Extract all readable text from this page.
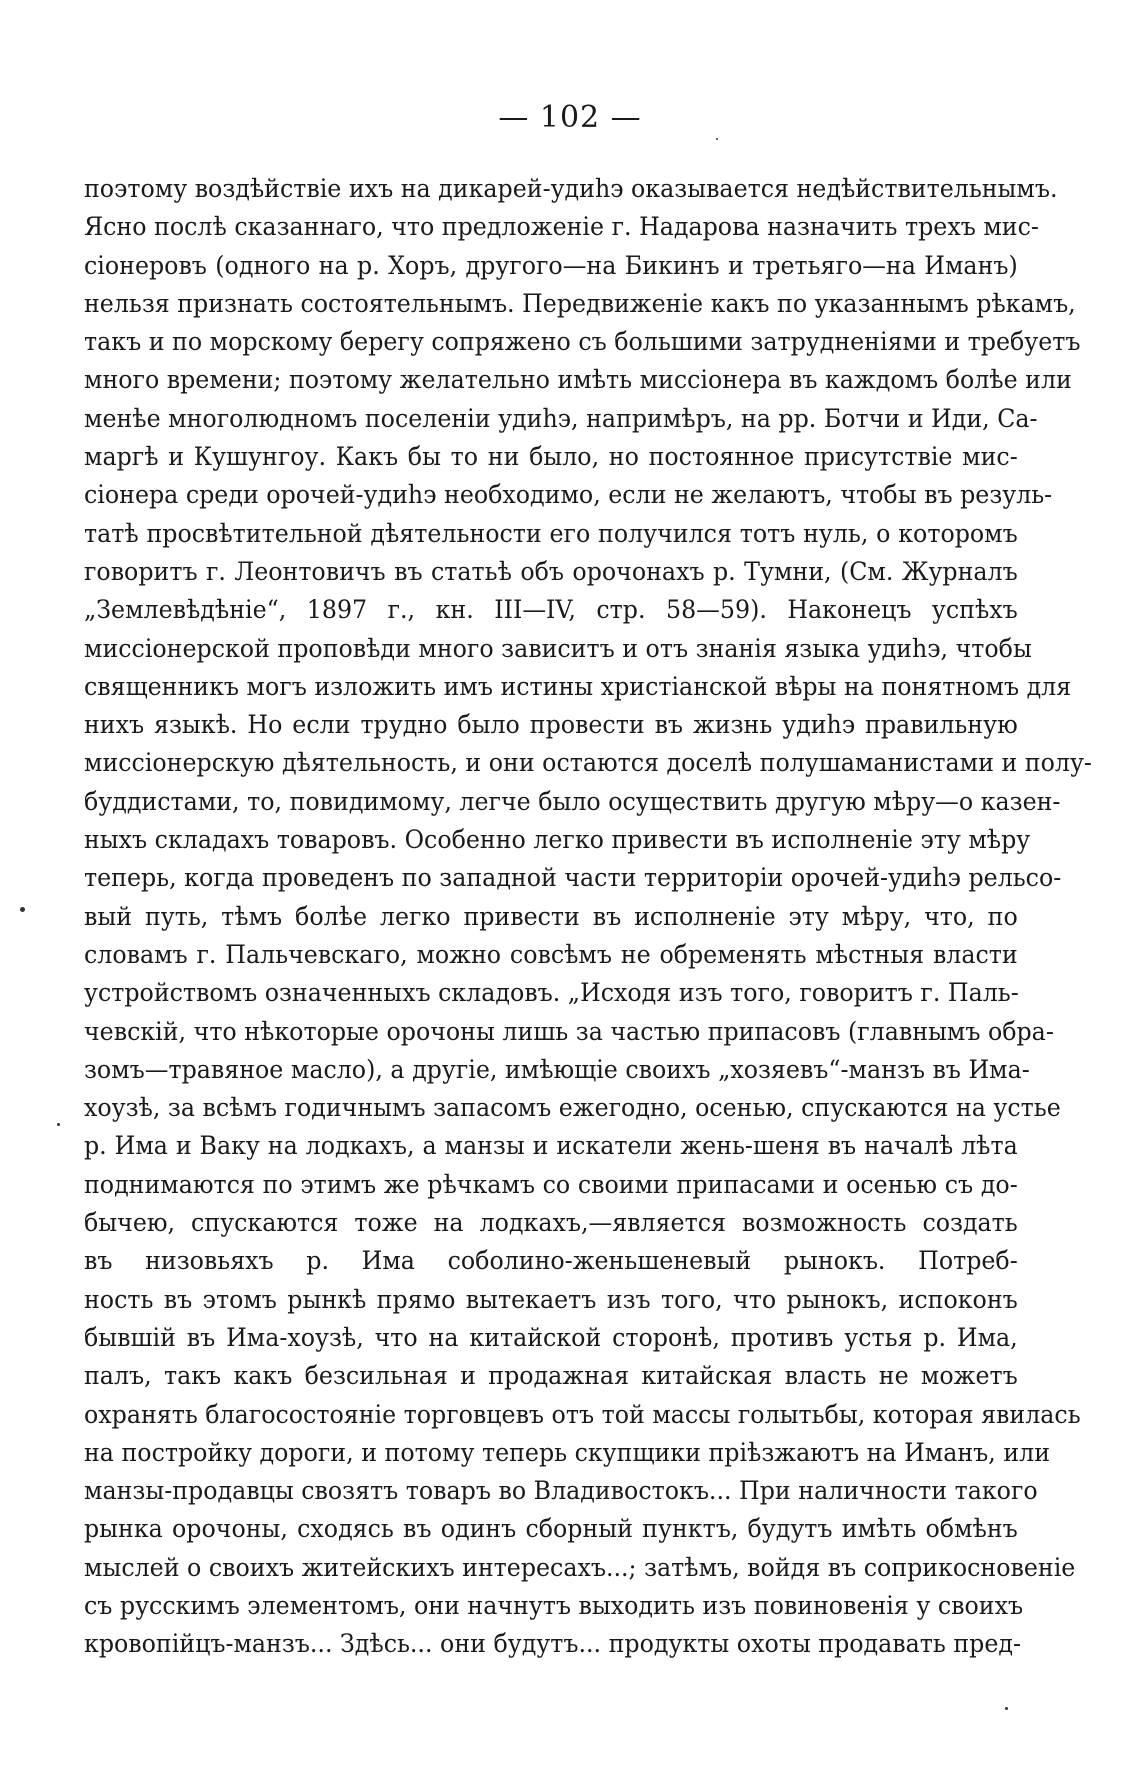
— 102 —
поэтому воздѣйствіе ихъ на дикарей-удиһэ оказывается недѣйствительнымъ.
Ясно послѣ сказаннаго, что предложеніе г. Надарова назначить трехъ мис-
сіонеровъ (одного на р. Хоръ, другого—на Бикинъ и третьяго—на Иманъ)
нельзя признать состоятельнымъ. Передвиженіе какъ по указаннымъ рѣкамъ,
такъ и по морскому берегу сопряжено съ большими затрудненіями и требуетъ
много времени; поэтому желательно имѣть миссіонера въ каждомъ болѣе или
менѣе многолюдномъ поселеніи удиһэ, напримѣръ, на рр. Ботчи и Иди, Са-
маргѣ и Кушунгоу. Какъ бы то ни было, но постоянное присутствіе мис-
сіонера среди орочей-удиһэ необходимо, если не желаютъ, чтобы въ резуль-
татѣ просвѣтительной дѣятельности его получился тотъ нуль, о которомъ
говоритъ г. Леонтовичъ въ статьѣ объ орочонахъ р. Тумни, (См. Журналъ
„Землевѣдѣніе“, 1897 г., кн. III—IV, стр. 58—59). Наконецъ успѣхъ
миссіонерской проповѣди много зависитъ и отъ знанія языка удиһэ, чтобы
священникъ могъ изложить имъ истины христіанской вѣры на понятномъ для
нихъ языкѣ. Но если трудно было провести въ жизнь удиһэ правильную
миссіонерскую дѣятельность, и они остаются доселѣ полушаманистами и полу-
буддистами, то, повидимому, легче было осуществить другую мѣру—о казен-
ныхъ складахъ товаровъ. Особенно легко привести въ исполненіе эту мѣру
теперь, когда проведенъ по западной части территоріи орочей-удиһэ рельсо-
вый путь, тѣмъ болѣе легко привести въ исполненіе эту мѣру, что, по
словамъ г. Пальчевскаго, можно совсѣмъ не обременять мѣстныя власти
устройствомъ означенныхъ складовъ. „Исходя изъ того, говоритъ г. Паль-
чевскій, что нѣкоторые орочоны лишь за частью припасовъ (главнымъ обра-
зомъ—травяное масло), а другіе, имѣющіе своихъ „хозяевъ“-манзъ въ Има-
хоузѣ, за всѣмъ годичнымъ запасомъ ежегодно, осенью, спускаются на устье
р. Има и Ваку на лодкахъ, а манзы и искатели жень-шеня въ началѣ лѣта
поднимаются по этимъ же рѣчкамъ со своими припасами и осенью съ до-
бычею, спускаются тоже на лодкахъ,—является возможность создать
въ низовьяхъ р. Има соболино-женьшеневый рынокъ. Потреб-
ность въ этомъ рынкѣ прямо вытекаетъ изъ того, что рынокъ, испоконъ
бывшій въ Има-хоузѣ, что на китайской сторонѣ, противъ устья р. Има,
палъ, такъ какъ безсильная и продажная китайская власть не можетъ
охранять благосостояніе торговцевъ отъ той массы голытьбы, которая явилась
на постройку дороги, и потому теперь скупщики пріѣзжаютъ на Иманъ, или
манзы-продавцы свозятъ товаръ во Владивостокъ... При наличности такого
рынка орочоны, сходясь въ одинъ сборный пунктъ, будутъ имѣть обмѣнъ
мыслей о своихъ житейскихъ интересахъ...; затѣмъ, войдя въ соприкосновеніе
съ русскимъ элементомъ, они начнутъ выходить изъ повиновенія у своихъ
кровопійцъ-манзъ... Здѣсь... они будутъ... продукты охоты продавать пред-
